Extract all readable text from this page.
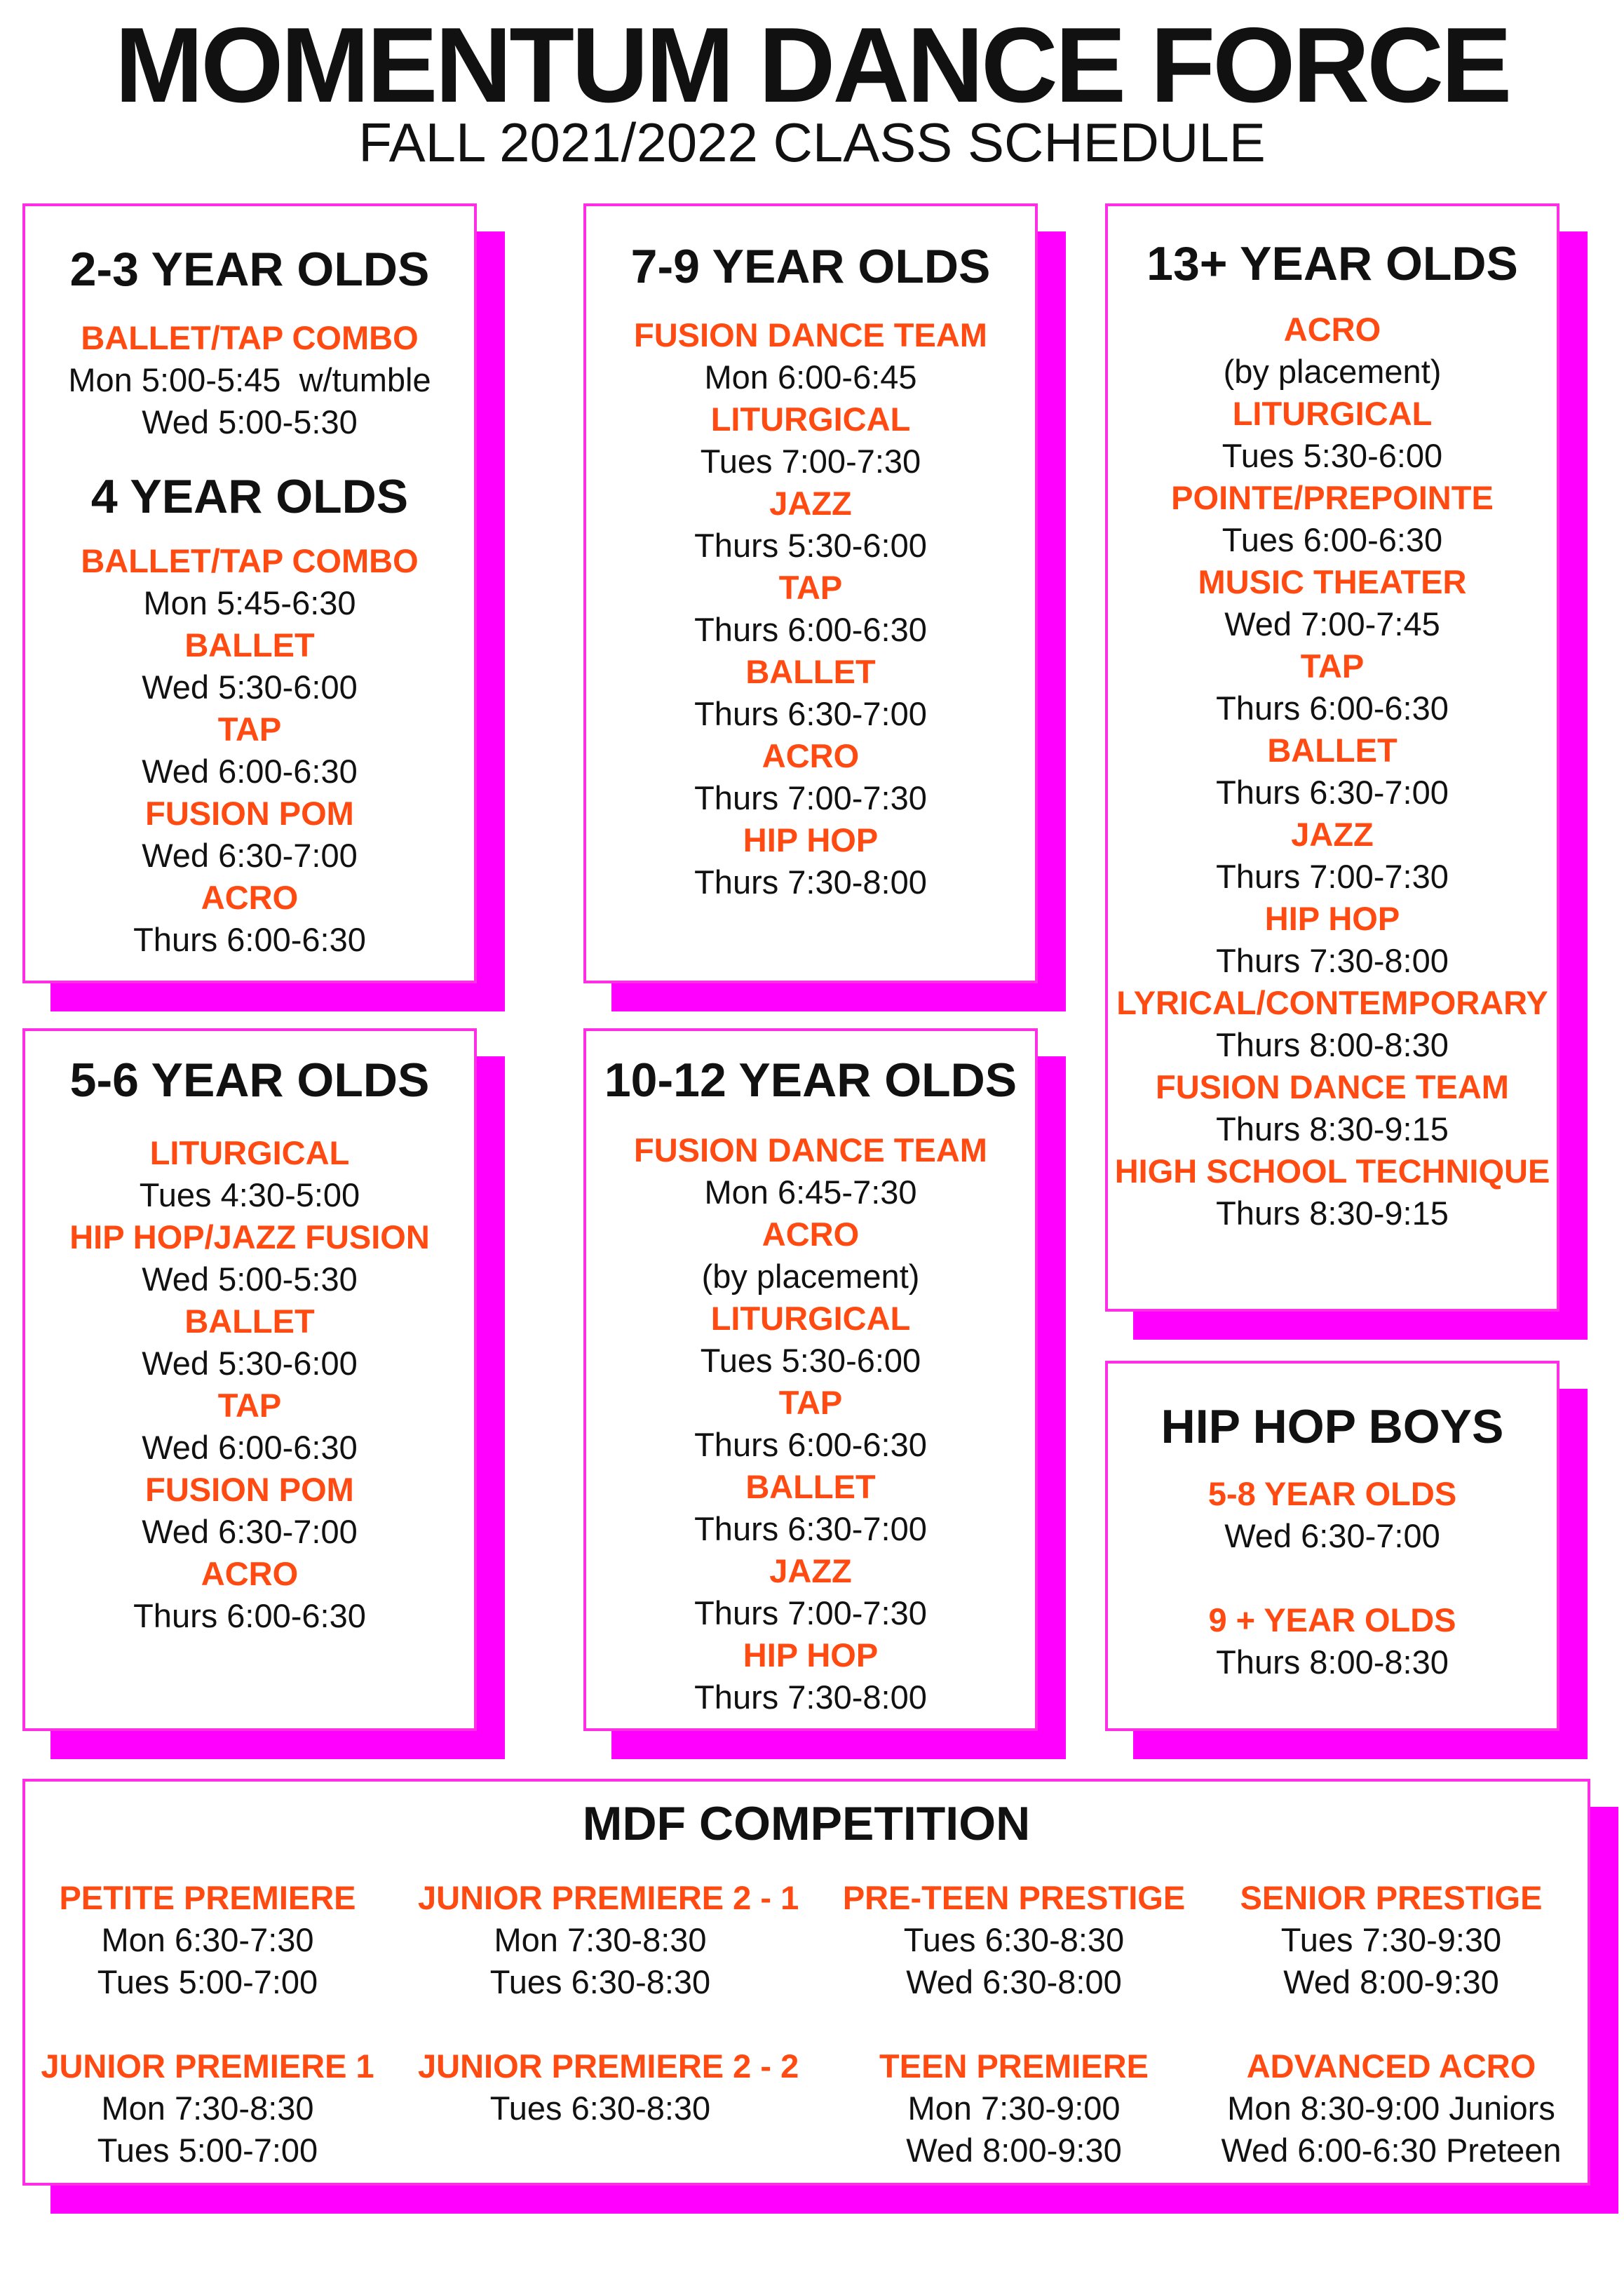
MOMENTUM DANCE FORCE
FALL 2021/2022 CLASS SCHEDULE
2-3 YEAR OLDS
BALLET/TAP COMBO
Mon 5:00-5:45  w/tumble
Wed 5:00-5:30
4 YEAR OLDS
BALLET/TAP COMBO
Mon 5:45-6:30
BALLET
Wed 5:30-6:00
TAP
Wed 6:00-6:30
FUSION POM
Wed 6:30-7:00
ACRO
Thurs 6:00-6:30
7-9 YEAR OLDS
FUSION DANCE TEAM
Mon 6:00-6:45
LITURGICAL
Tues 7:00-7:30
JAZZ
Thurs 5:30-6:00
TAP
Thurs 6:00-6:30
BALLET
Thurs 6:30-7:00
ACRO
Thurs 7:00-7:30
HIP HOP
Thurs 7:30-8:00
13+ YEAR OLDS
ACRO
(by placement)
LITURGICAL
Tues 5:30-6:00
POINTE/PREPOINTE
Tues 6:00-6:30
MUSIC THEATER
Wed 7:00-7:45
TAP
Thurs 6:00-6:30
BALLET
Thurs 6:30-7:00
JAZZ
Thurs 7:00-7:30
HIP HOP
Thurs 7:30-8:00
LYRICAL/CONTEMPORARY
Thurs 8:00-8:30
FUSION DANCE TEAM
Thurs 8:30-9:15
HIGH SCHOOL TECHNIQUE
Thurs 8:30-9:15
5-6 YEAR OLDS
LITURGICAL
Tues 4:30-5:00
HIP HOP/JAZZ FUSION
Wed 5:00-5:30
BALLET
Wed 5:30-6:00
TAP
Wed 6:00-6:30
FUSION POM
Wed 6:30-7:00
ACRO
Thurs 6:00-6:30
10-12 YEAR OLDS
FUSION DANCE TEAM
Mon 6:45-7:30
ACRO
(by placement)
LITURGICAL
Tues 5:30-6:00
TAP
Thurs 6:00-6:30
BALLET
Thurs 6:30-7:00
JAZZ
Thurs 7:00-7:30
HIP HOP
Thurs 7:30-8:00
HIP HOP BOYS
5-8 YEAR OLDS
Wed 6:30-7:00
9 + YEAR OLDS
Thurs 8:00-8:30
MDF COMPETITION
PETITE PREMIERE
Mon 6:30-7:30
Tues 5:00-7:00
JUNIOR PREMIERE 1
Mon 7:30-8:30
Tues 5:00-7:00
JUNIOR PREMIERE 2 - 1
Mon 7:30-8:30
Tues 6:30-8:30
JUNIOR PREMIERE 2 - 2
Tues 6:30-8:30
PRE-TEEN PRESTIGE
Tues 6:30-8:30
Wed 6:30-8:00
TEEN PREMIERE
Mon 7:30-9:00
Wed 8:00-9:30
SENIOR PRESTIGE
Tues 7:30-9:30
Wed 8:00-9:30
ADVANCED ACRO
Mon 8:30-9:00 Juniors
Wed 6:00-6:30 Preteen
